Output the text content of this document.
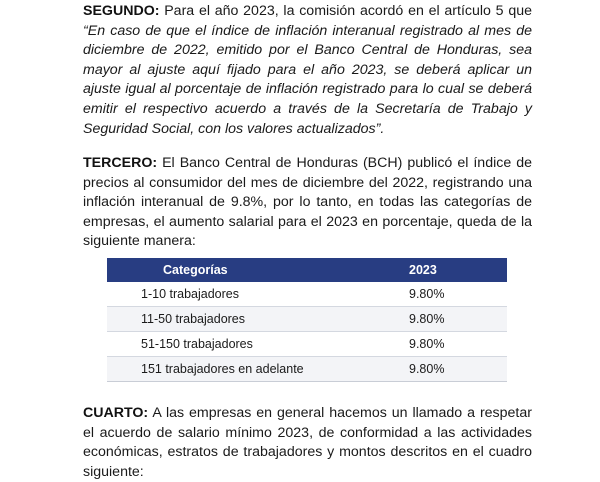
SEGUNDO: Para el año 2023, la comisión acordó en el artículo 5 que “En caso de que el índice de inflación interanual registrado al mes de diciembre de 2022, emitido por el Banco Central de Honduras, sea mayor al ajuste aquí fijado para el año 2023, se deberá aplicar un ajuste igual al porcentaje de inflación registrado para lo cual se deberá emitir el respectivo acuerdo a través de la Secretaría de Trabajo y Seguridad Social, con los valores actualizados”.

TERCERO: El Banco Central de Honduras (BCH) publicó el índice de precios al consumidor del mes de diciembre del 2022, registrando una inflación interanual de 9.8%, por lo tanto, en todas las categorías de empresas, el aumento salarial para el 2023 en porcentaje, queda de la siguiente manera:

Categorías	2023
1-10 trabajadores	9.80%
11-50 trabajadores	9.80%
51-150 trabajadores	9.80%
151 trabajadores en adelante	9.80%

CUARTO: A las empresas en general hacemos un llamado a respetar el acuerdo de salario mínimo 2023, de conformidad a las actividades económicas, estratos de trabajadores y montos descritos en el cuadro siguiente:
